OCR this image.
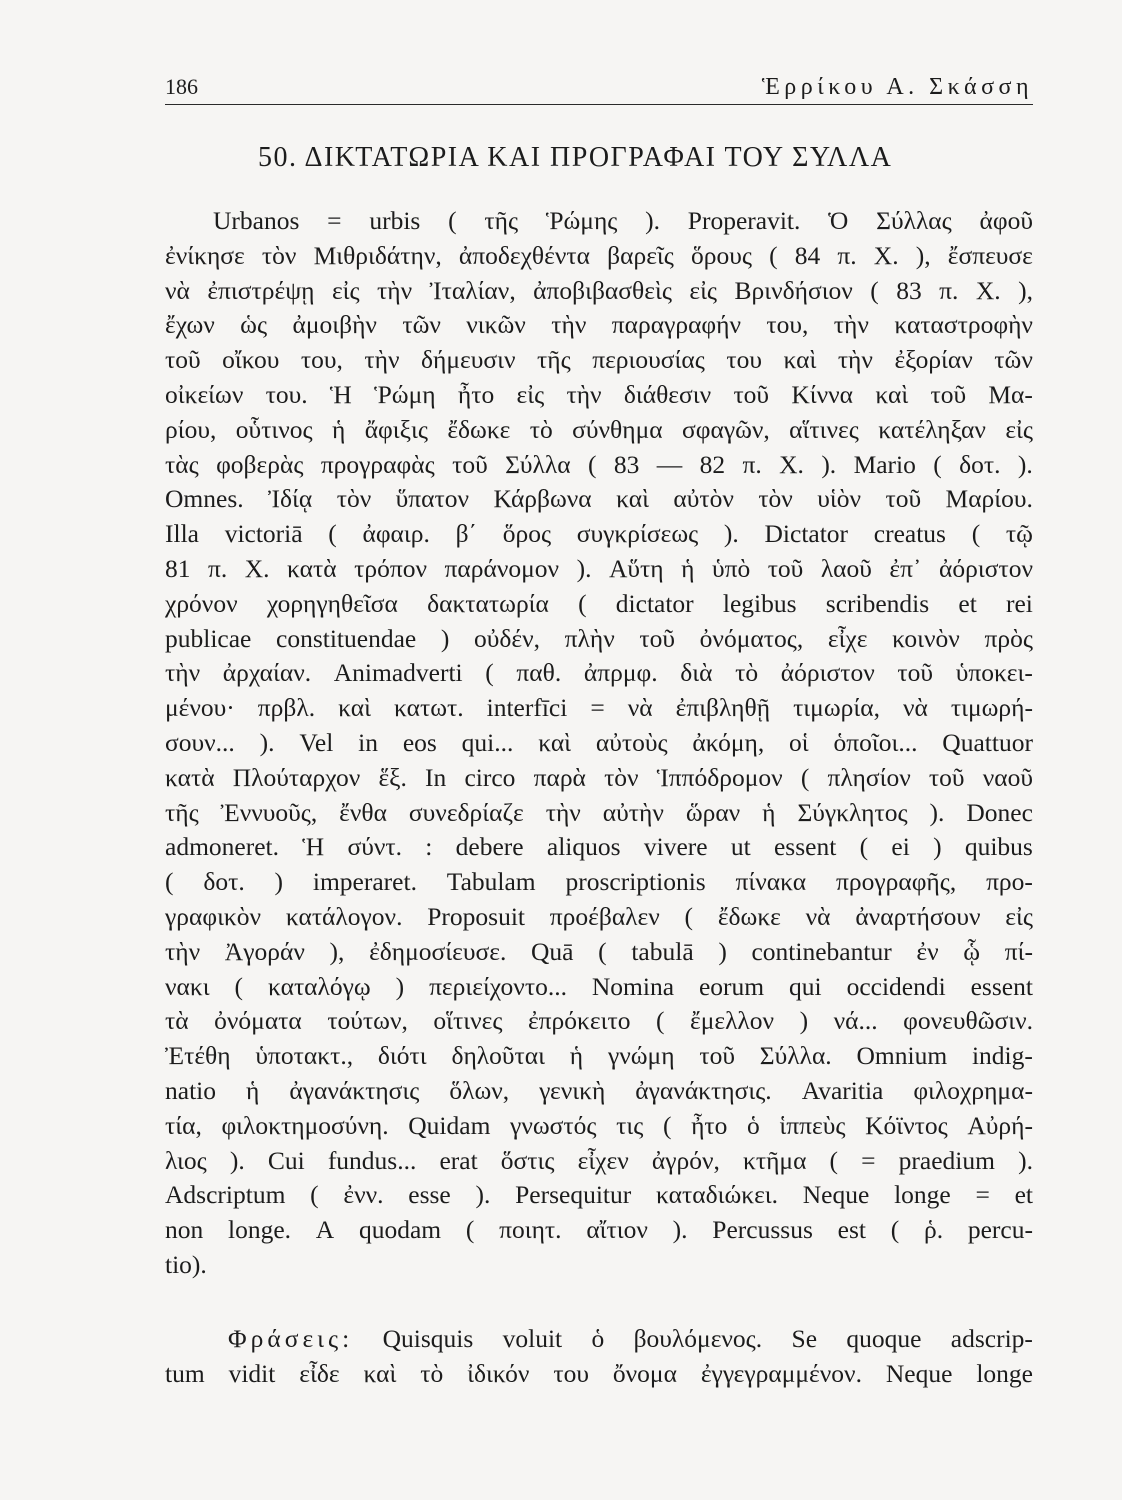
186	Ἑρρίκου Α. Σκάσση
50. ΔΙΚΤΑΤΩΡΙΑ ΚΑΙ ΠΡΟΓΡΑΦΑΙ ΤΟΥ ΣΥΛΛΑ
Urbanos = urbis ( τῆς Ῥώμης ). Properavit. Ὁ Σύλλας ἀφοῦ
ἐνίκησε τὸν Μιθριδάτην, ἀποδεχθέντα βαρεῖς ὅρους ( 84 π. Χ. ), ἔσπευσε
νὰ ἐπιστρέψῃ εἰς τὴν Ἰταλίαν, ἀποβιβασθεὶς εἰς Βρινδήσιον ( 83 π. Χ. ),
ἔχων ὡς ἀμοιβὴν τῶν νικῶν τὴν παραγραφήν του, τὴν καταστροφὴν
τοῦ οἴκου του, τὴν δήμευσιν τῆς περιουσίας του καὶ τὴν ἐξορίαν τῶν
οἰκείων του. Ἡ Ῥώμη ἦτο εἰς τὴν διάθεσιν τοῦ Κίννα καὶ τοῦ Μα-
ρίου, οὗτινος ἡ ἄφιξις ἔδωκε τὸ σύνθημα σφαγῶν, αἵτινες κατέληξαν εἰς
τὰς φοβερὰς προγραφὰς τοῦ Σύλλα ( 83 — 82 π. Χ. ). Mario ( δοτ. ).
Omnes. Ἰδίᾳ τὸν ὕπατον Κάρβωνα καὶ αὐτὸν τὸν υἱὸν τοῦ Μαρίου.
Illa victoriā ( ἀφαιρ. β΄ ὅρος συγκρίσεως ). Dictator creatus ( τῷ
81 π. Χ. κατὰ τρόπον παράνομον ). Αὕτη ἡ ὑπὸ τοῦ λαοῦ ἐπ᾽ ἀόριστον
χρόνον χορηγηθεῖσα δακτατωρία ( dictator legibus scribendis et rei
publicae constituendae ) οὐδέν, πλὴν τοῦ ὀνόματος, εἶχε κοινὸν πρὸς
τὴν ἀρχαίαν. Animadverti ( παθ. ἀπρμφ. διὰ τὸ ἀόριστον τοῦ ὑποκει-
μένου· πρβλ. καὶ κατωτ. interfīci = νὰ ἐπιβληθῇ τιμωρία, νὰ τιμωρή-
σουν... ). Vel in eos qui... καὶ αὐτοὺς ἀκόμη, οἱ ὁποῖοι... Quattuor
κατὰ Πλούταρχον ἕξ. In circo παρὰ τὸν Ἱππόδρομον ( πλησίον τοῦ ναοῦ
τῆς Ἐννυοῦς, ἔνθα συνεδρίαζε τὴν αὐτὴν ὥραν ἡ Σύγκλητος ). Donec
admoneret. Ἡ σύντ. : debere aliquos vivere ut essent ( ei ) quibus
( δοτ. ) imperaret. Tabulam proscriptionis πίνακα προγραφῆς, προ-
γραφικὸν κατάλογον. Proposuit προέβαλεν ( ἔδωκε νὰ ἀναρτήσουν εἰς
τὴν Ἀγοράν ), ἐδημοσίευσε. Quā ( tabulā ) continebantur ἐν ᾧ πί-
νακι ( καταλόγῳ ) περιείχοντο... Nomina eorum qui occidendi essent
τὰ ὀνόματα τούτων, οἵτινες ἐπρόκειτο ( ἔμελλον ) νά... φονευθῶσιν.
Ἐτέθη ὑποτακτ., διότι δηλοῦται ἡ γνώμη τοῦ Σύλλα. Omnium indig-
natio ἡ ἀγανάκτησις ὅλων, γενικὴ ἀγανάκτησις. Avaritia φιλοχρημα-
τία, φιλοκτημοσύνη. Quidam γνωστός τις ( ἦτο ὁ ἱππεὺς Κόϊντος Αὐρή-
λιος ). Cui fundus... erat ὅστις εἶχεν ἀγρόν, κτῆμα ( = praedium ).
Adscriptum ( ἐνν. esse ). Persequitur καταδιώκει. Neque longe = et
non longe. A quodam ( ποιητ. αἴτιον ). Percussus est ( ῥ. percu-
tio ).
Φράσεις: Quisquis voluit ὁ βουλόμενος. Se quoque adscrip-
tum vidit εἶδε καὶ τὸ ἰδικόν του ὄνομα ἐγγεγραμμένον. Neque longe
